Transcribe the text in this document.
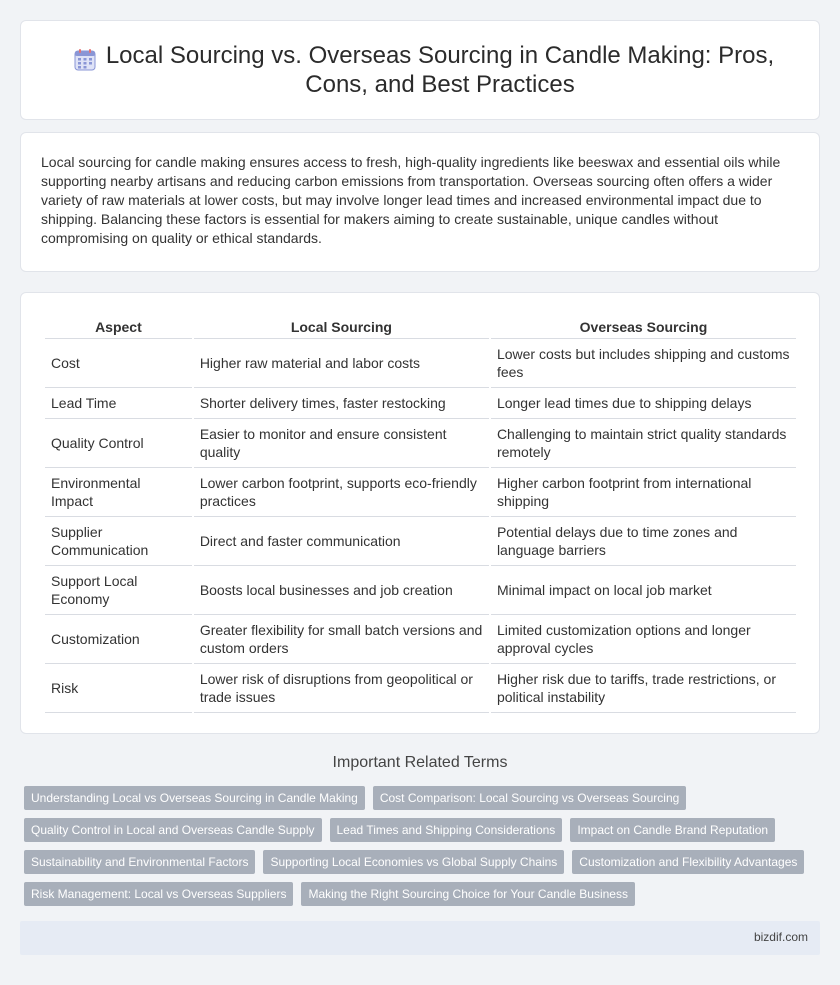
Local Sourcing vs. Overseas Sourcing in Candle Making: Pros, Cons, and Best Practices

Local sourcing for candle making ensures access to fresh, high-quality ingredients like beeswax and essential oils while supporting nearby artisans and reducing carbon emissions from transportation. Overseas sourcing often offers a wider variety of raw materials at lower costs, but may involve longer lead times and increased environmental impact due to shipping. Balancing these factors is essential for makers aiming to create sustainable, unique candles without compromising on quality or ethical standards.

Aspect	Local Sourcing	Overseas Sourcing
Cost	Higher raw material and labor costs	Lower costs but includes shipping and customs fees
Lead Time	Shorter delivery times, faster restocking	Longer lead times due to shipping delays
Quality Control	Easier to monitor and ensure consistent quality	Challenging to maintain strict quality standards remotely
Environmental Impact	Lower carbon footprint, supports eco-friendly practices	Higher carbon footprint from international shipping
Supplier Communication	Direct and faster communication	Potential delays due to time zones and language barriers
Support Local Economy	Boosts local businesses and job creation	Minimal impact on local job market
Customization	Greater flexibility for small batch versions and custom orders	Limited customization options and longer approval cycles
Risk	Lower risk of disruptions from geopolitical or trade issues	Higher risk due to tariffs, trade restrictions, or political instability
Important Related Terms
Understanding Local vs Overseas Sourcing in Candle Making	Cost Comparison: Local Sourcing vs Overseas Sourcing
Quality Control in Local and Overseas Candle Supply	Lead Times and Shipping Considerations	Impact on Candle Brand Reputation
Sustainability and Environmental Factors	Supporting Local Economies vs Global Supply Chains	Customization and Flexibility Advantages
Risk Management: Local vs Overseas Suppliers	Making the Right Sourcing Choice for Your Candle Business
bizdif.com
